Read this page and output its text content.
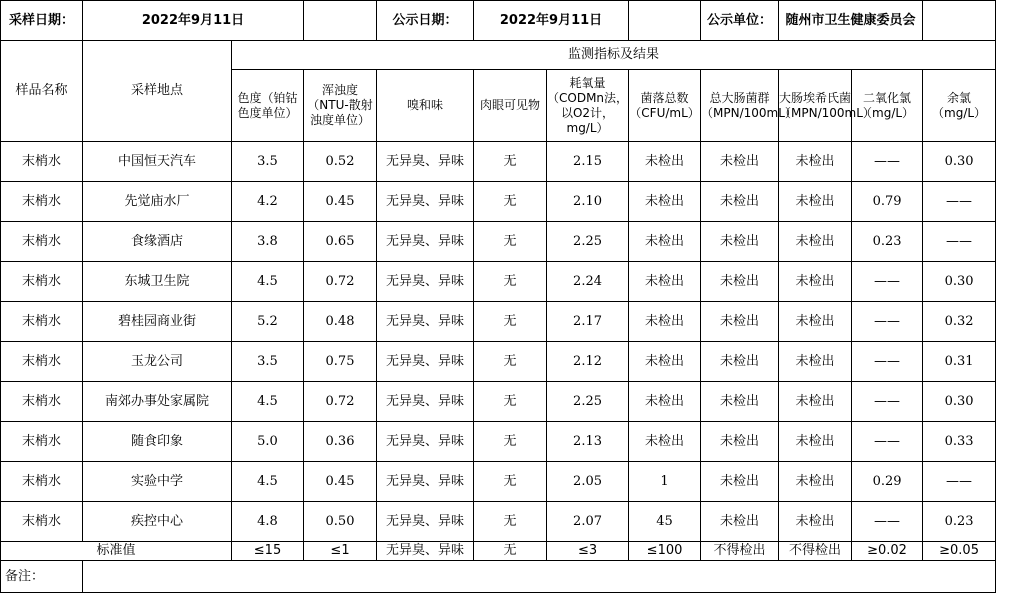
采样日期：	2022年9月11日			公示日期：	2022年9月11日			公示单位：	随州市卫生健康委员会		
样品名称	采样地点	监测指标及结果									
		色度（铂钴色度单位）	浑浊度（NTU-散射浊度单位）	嗅和味	肉眼可见物	耗氧量（CODMn法，以O2计，mg/L）	菌落总数（CFU/mL）	总大肠菌群（MPN/100mL）	大肠埃希氏菌（MPN/100mL）	二氧化氯（mg/L）	余氯（mg/L）
末梢水	中国恒天汽车	3.5	0.52	无异臭、异味	无	2.15	未检出	未检出	未检出	——	0.30
末梢水	先觉庙水厂	4.2	0.45	无异臭、异味	无	2.10	未检出	未检出	未检出	0.79	——
末梢水	食缘酒店	3.8	0.65	无异臭、异味	无	2.25	未检出	未检出	未检出	0.23	——
末梢水	东城卫生院	4.5	0.72	无异臭、异味	无	2.24	未检出	未检出	未检出	——	0.30
末梢水	碧桂园商业街	5.2	0.48	无异臭、异味	无	2.17	未检出	未检出	未检出	——	0.32
末梢水	玉龙公司	3.5	0.75	无异臭、异味	无	2.12	未检出	未检出	未检出	——	0.31
末梢水	南郊办事处家属院	4.5	0.72	无异臭、异味	无	2.25	未检出	未检出	未检出	——	0.30
末梢水	随食印象	5.0	0.36	无异臭、异味	无	2.13	未检出	未检出	未检出	——	0.33
末梢水	实验中学	4.5	0.45	无异臭、异味	无	2.05	1	未检出	未检出	0.29	——
末梢水	疾控中心	4.8	0.50	无异臭、异味	无	2.07	45	未检出	未检出	——	0.23
标准值		≤15	≤1	无异臭、异味	无	≤3	≤100	不得检出	不得检出	≥0.02	≥0.05
备注：											
